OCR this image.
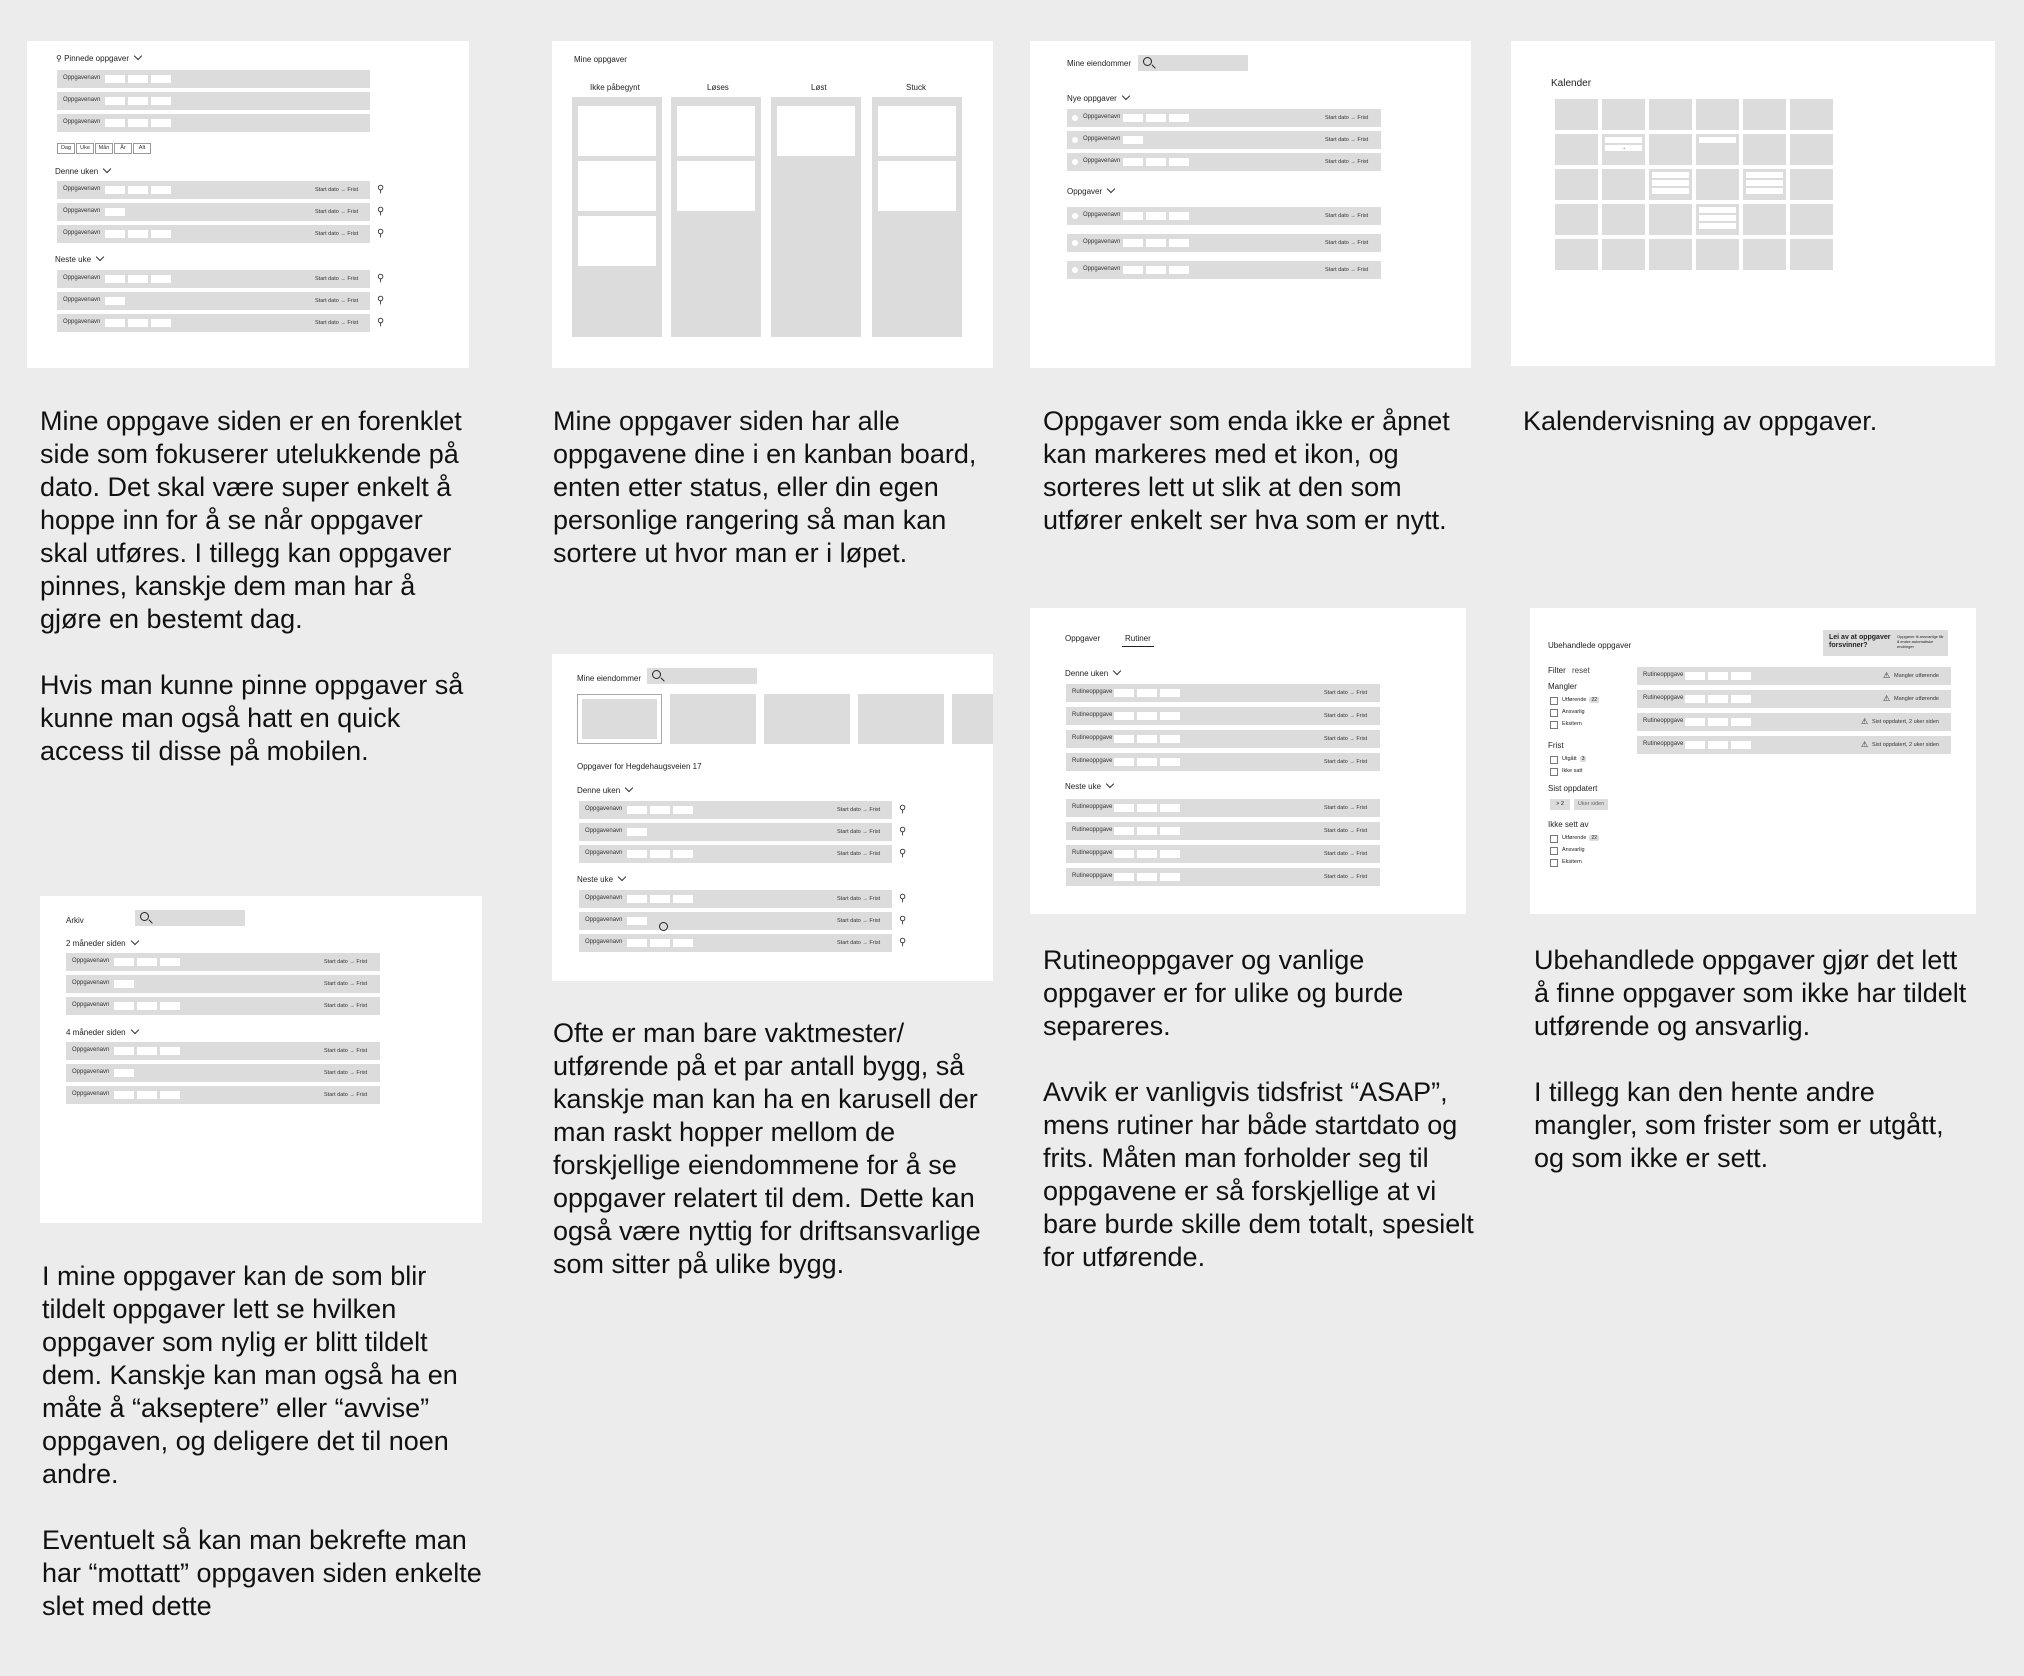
⚲ Pinnede oppgaver
Oppgavenavn
Oppgavenavn
Oppgavenavn
Dag	Uke	Mån	År	Alt
Denne uken
Oppgavenavn	Start dato → Frist ⚲
Oppgavenavn	Start dato → Frist ⚲
Oppgavenavn	Start dato → Frist ⚲
Neste uke
Oppgavenavn	Start dato → Frist ⚲
Oppgavenavn	Start dato → Frist ⚲
Oppgavenavn	Start dato → Frist ⚲

Mine oppgave siden er en forenklet side som fokuserer utelukkende på dato. Det skal være super enkelt å hoppe inn for å se når oppgaver skal utføres. I tillegg kan oppgaver pinnes, kanskje dem man har å gjøre en bestemt dag.

Hvis man kunne pinne oppgaver så kunne man også hatt en quick access til disse på mobilen.

Mine oppgaver
Ikke påbegynt	Løses	Løst	Stuck

Mine oppgaver siden har alle oppgavene dine i en kanban board, enten etter status, eller din egen personlige rangering så man kan sortere ut hvor man er i løpet.

Mine eiendommer
Nye oppgaver
Oppgavenavn	Start dato → Frist
Oppgavenavn	Start dato → Frist
Oppgavenavn	Start dato → Frist
Oppgaver
Oppgavenavn	Start dato → Frist
Oppgavenavn	Start dato → Frist
Oppgavenavn	Start dato → Frist

Oppgaver som enda ikke er åpnet kan markeres med et ikon, og sorteres lett ut slik at den som utfører enkelt ser hva som er nytt.

Kalender
→

Kalendervisning av oppgaver.

Arkiv
2 måneder siden
Oppgavenavn	Start dato → Frist
Oppgavenavn	Start dato → Frist
Oppgavenavn	Start dato → Frist
4 måneder siden
Oppgavenavn	Start dato → Frist
Oppgavenavn	Start dato → Frist
Oppgavenavn	Start dato → Frist

I mine oppgaver kan de som blir tildelt oppgaver lett se hvilken oppgaver som nylig er blitt tildelt dem. Kanskje kan man også ha en måte å “akseptere” eller “avvise” oppgaven, og deligere det til noen andre.

Eventuelt så kan man bekrefte man har “mottatt” oppgaven siden enkelte slet med dette

Mine eiendommer
Oppgaver for Hegdehaugsveien 17
Denne uken
Oppgavenavn	Start dato → Frist ⚲
Oppgavenavn	Start dato → Frist ⚲
Oppgavenavn	Start dato → Frist ⚲
Neste uke
Oppgavenavn	Start dato → Frist ⚲
Oppgavenavn	Start dato → Frist ⚲
Oppgavenavn	Start dato → Frist ⚲

Ofte er man bare vaktmester/ utførende på et par antall bygg, så kanskje man kan ha en karusell der man raskt hopper mellom de forskjellige eiendommene for å se oppgaver relatert til dem. Dette kan også være nyttig for driftsansvarlige som sitter på ulike bygg.

Oppgaver	Rutiner
Denne uken
Rutineoppgave	Start dato → Frist
Rutineoppgave	Start dato → Frist
Rutineoppgave	Start dato → Frist
Rutineoppgave	Start dato → Frist
Neste uke
Rutineoppgave	Start dato → Frist
Rutineoppgave	Start dato → Frist
Rutineoppgave	Start dato → Frist
Rutineoppgave	Start dato → Frist

Rutineoppgaver og vanlige oppgaver er for ulike og burde separeres.

Avvik er vanligvis tidsfrist “ASAP”, mens rutiner har både startdato og frits. Måten man forholder seg til oppgavene er så forskjellige at vi bare burde skille dem totalt, spesielt for utførende.

Ubehandlede oppgaver
Lei av at oppgaver forsvinner?
Oppgaver til ansvarlige får å endre automatiske endringer
Filter reset
Mangler
Utførende 22
Ansvarlig
Eksitern
Frist
Utgått 3
Ikke satt
Sist oppdatert
> 2	Uker siden
Ikke sett av
Utførende 22
Ansvarlig
Eksitern
Rutineoppgave	⚠ Mangler utførende
Rutineoppgave	⚠ Mangler utførende
Rutineoppgave	⚠ Sist oppdatert, 2 uker siden
Rutineoppgave	⚠ Sist oppdatert, 2 uker siden

Ubehandlede oppgaver gjør det lett å finne oppgaver som ikke har tildelt utførende og ansvarlig.

I tillegg kan den hente andre mangler, som frister som er utgått, og som ikke er sett.
